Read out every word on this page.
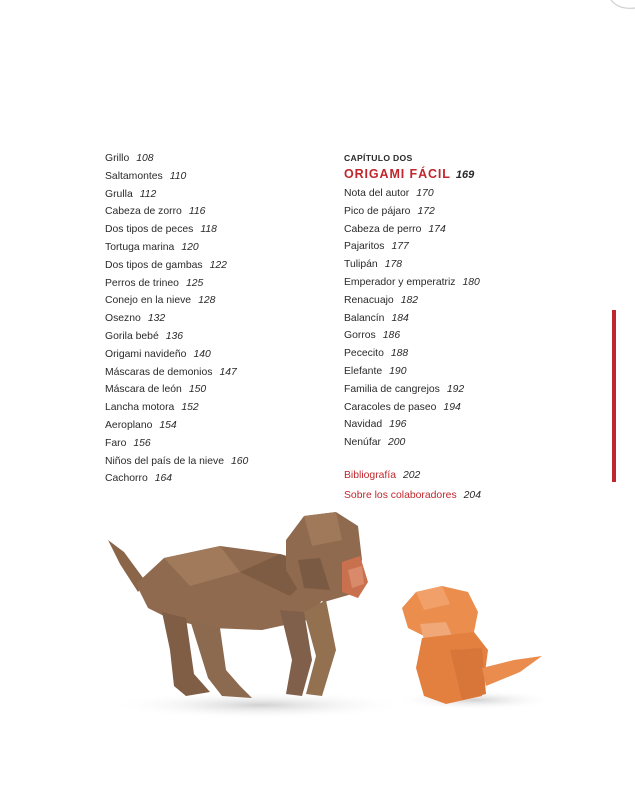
Grillo 108
Saltamontes 110
Grulla 112
Cabeza de zorro 116
Dos tipos de peces 118
Tortuga marina 120
Dos tipos de gambas 122
Perros de trineo 125
Conejo en la nieve 128
Osezno 132
Gorila bebé 136
Origami navideño 140
Máscaras de demonios 147
Máscara de león 150
Lancha motora 152
Aeroplano 154
Faro 156
Niños del país de la nieve 160
Cachorro 164
CAPÍTULO DOS
ORIGAMI FÁCIL 169
Nota del autor 170
Pico de pájaro 172
Cabeza de perro 174
Pajaritos 177
Tulipán 178
Emperador y emperatriz 180
Renacuajo 182
Balancín 184
Gorros 186
Pececito 188
Elefante 190
Familia de cangrejos 192
Caracoles de paseo 194
Navidad 196
Nenúfar 200
Bibliografía 202
Sobre los colaboradores 204
